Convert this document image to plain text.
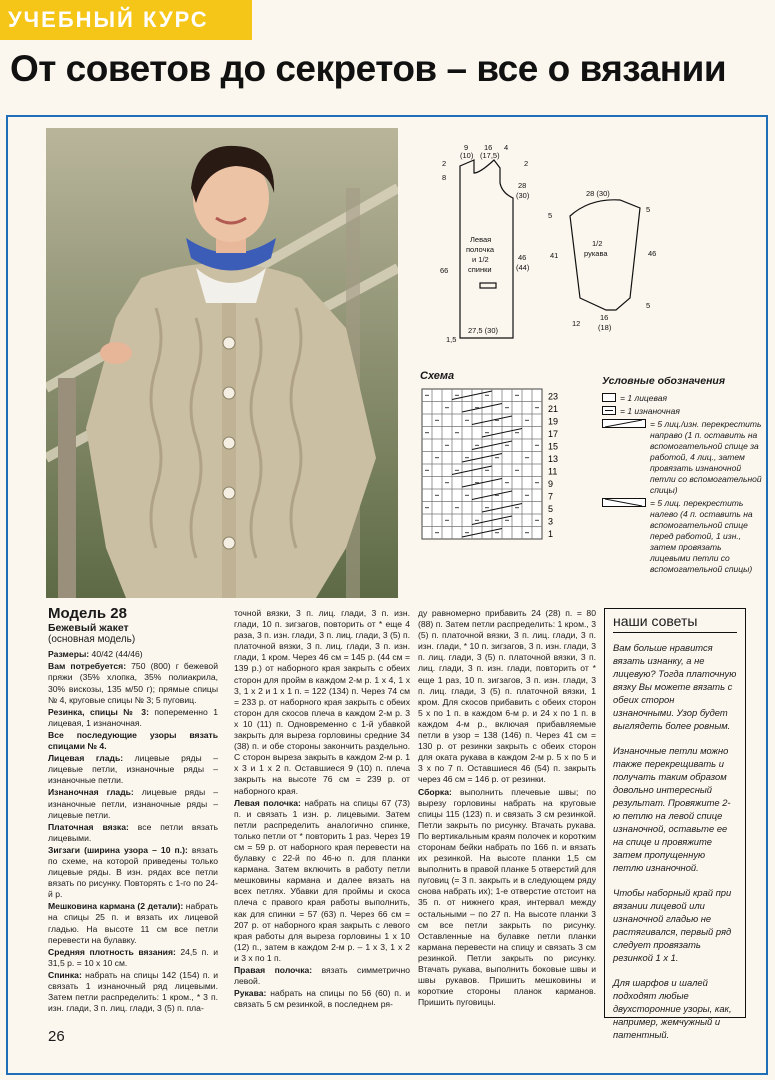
УЧЕБНЫЙ КУРС
От советов до секретов – все о вязании
2
8
9
(10)
16
(17,5)
4
2
28
(30)
46
(44)
66
27,5 (30)
1,5
Левая
полочка
и 1/2
спинки
28 (30)
5
5
41	46
5
12
16
(18)
1/2
рукава
Схема
23
21
19
17
15
13
11
9
7
5
3
1
Условные обозначения
= 1 лицевая
= 1 изнаночная
= 5 лиц./изн. перекрестить направо (1 п. оставить на вспомогательной спице за работой, 4 лиц., затем провязать изнаночной петли со вспомогательной спицы)
= 5 лиц. перекрестить налево (4 п. оставить на вспомогательной спице перед работой, 1 изн., затем провязать лицевыми петли со вспомогательной спицы)
Модель 28
Бежевый жакет
(основная модель)
Размеры: 40/42 (44/46)
Вам потребуется: 750 (800) г бежевой пряжи (35% хлопка, 35% полиакрила, 30% вискозы, 135 м/50 г); прямые спицы № 4, круговые спицы № 3; 5 пуговиц.
Резинка, спицы № 3: попеременно 1 лицевая, 1 изнаночная.
Все последующие узоры вязать спицами № 4.
Лицевая гладь: лицевые ряды – лицевые петли, изнаночные ряды – изнаночные петли.
Изнаночная гладь: лицевые ряды – изнаночные петли, изнаночные ряды – лицевые петли.
Платочная вязка: все петли вязать лицевыми.
Зигзаги (ширина узора – 10 п.): вязать по схеме, на которой приведены только лицевые ряды. В изн. рядах все петли вязать по рисунку. Повторять с 1-го по 24-й р.
Мешковина кармана (2 детали): набрать на спицы 25 п. и вязать их лицевой гладью. На высоте 11 см все петли перевести на булавку.
Средняя плотность вязания: 24,5 п. и 31,5 р. = 10 х 10 см.
Спинка: набрать на спицы 142 (154) п. и связать 1 изнаночный ряд лицевыми. Затем петли распределить: 1 кром., * 3 п. изн. глади, 3 п. лиц. глади, 3 (5) п. пла-
точной вязки, 3 п. лиц. глади, 3 п. изн. глади, 10 п. зигзагов, повторить от * еще 4 раза, 3 п. изн. глади, 3 п. лиц. глади, 3 (5) п. платочной вязки, 3 п. лиц. глади, 3 п. изн. глади, 1 кром. Через 46 см = 145 р. (44 см = 139 р.) от наборного края закрыть с обеих сторон для пройм в каждом 2-м р. 1 х 4, 1 х 3, 1 х 2 и 1 х 1 п. = 122 (134) п. Через 74 см = 233 р. от наборного края закрыть с обеих сторон для скосов плеча в каждом 2-м р. 3 х 10 (11) п. Одновременно с 1-й убавкой закрыть для выреза горловины средние 34 (38) п. и обе стороны закончить раздельно. С сторон выреза закрыть в каждом 2-м р. 1 х 3 и 1 х 2 п. Оставшиеся 9 (10) п. плеча закрыть на высоте 76 см = 239 р. от наборного края.
Левая полочка: набрать на спицы 67 (73) п. и связать 1 изн. р. лицевыми. Затем петли распределить аналогично спинке, только петли от * повторить 1 раз. Через 19 см = 59 р. от наборного края перевести на булавку с 22-й по 46-ю п. для планки кармана. Затем включить в работу петли мешковины кармана и далее вязать на всех петлях. Убавки для проймы и скоса плеча с правого края работы выполнить, как для спинки = 57 (63) п. Через 66 см = 207 р. от наборного края закрыть с левого края работы для выреза горловины 1 х 10 (12) п., затем в каждом 2-м р. – 1 х 3, 1 х 2 и 3 х по 1 п.
Правая полочка: вязать симметрично левой.
Рукава: набрать на спицы по 56 (60) п. и связать 5 см резинкой, в последнем ря-
ду равномерно прибавить 24 (28) п. = 80 (88) п. Затем петли распределить: 1 кром., 3 (5) п. платочной вязки, 3 п. лиц. глади, 3 п. изн. глади, * 10 п. зигзагов, 3 п. изн. глади, 3 п. лиц. глади, 3 (5) п. платочной вязки, 3 п. лиц. глади, 3 п. изн. глади, повторить от * еще 1 раз, 10 п. зигзагов, 3 п. изн. глади, 3 п. лиц. глади, 3 (5) п. платочной вязки, 1 кром. Для скосов прибавить с обеих сторон 5 х по 1 п. в каждом 6-м р. и 24 х по 1 п. в каждом 4-м р., включая прибавляемые петли в узор = 138 (146) п. Через 41 см = 130 р. от резинки закрыть с обеих сторон для оката рукава в каждом 2-м р. 5 х по 5 и 3 х по 7 п. Оставшиеся 46 (54) п. закрыть через 46 см = 146 р. от резинки.
Сборка: выполнить плечевые швы; по вырезу горловины набрать на круговые спицы 115 (123) п. и связать 3 см резинкой. Петли закрыть по рисунку. Втачать рукава. По вертикальным краям полочек и коротким сторонам бейки набрать по 166 п. и вязать их резинкой. На высоте планки 1,5 см выполнить в правой планке 5 отверстий для пуговиц (= 3 п. закрыть и в следующем ряду снова набрать их); 1-е отверстие отстоит на 35 п. от нижнего края, интервал между остальными – по 27 п. На высоте планки 3 см все петли закрыть по рисунку. Оставленные на булавке петли планки кармана перевести на спицу и связать 3 см резинкой. Петли закрыть по рисунку. Втачать рукава, выполнить боковые швы и швы рукавов. Пришить мешковины и короткие стороны планок карманов. Пришить пуговицы.
наши советы

Вам больше нравится вязать изнанку, а не лицевую? Тогда платочную вязку Вы можете вязать с обеих сторон изнаночными. Узор будет выглядеть более ровным.

Изнаночные петли можно также перекрещивать и получать таким образом довольно интересный результат. Провяжите 2-ю петлю на левой спице изнаночной, оставьте ее на спице и провяжите затем пропущенную петлю изнаночной.

Чтобы наборный край при вязании лицевой или изнаночной гладью не растягивался, первый ряд следует провязать резинкой 1 х 1.

Для шарфов и шалей подходят любые двухсторонние узоры, как, например, жемчужный и патентный.

26
